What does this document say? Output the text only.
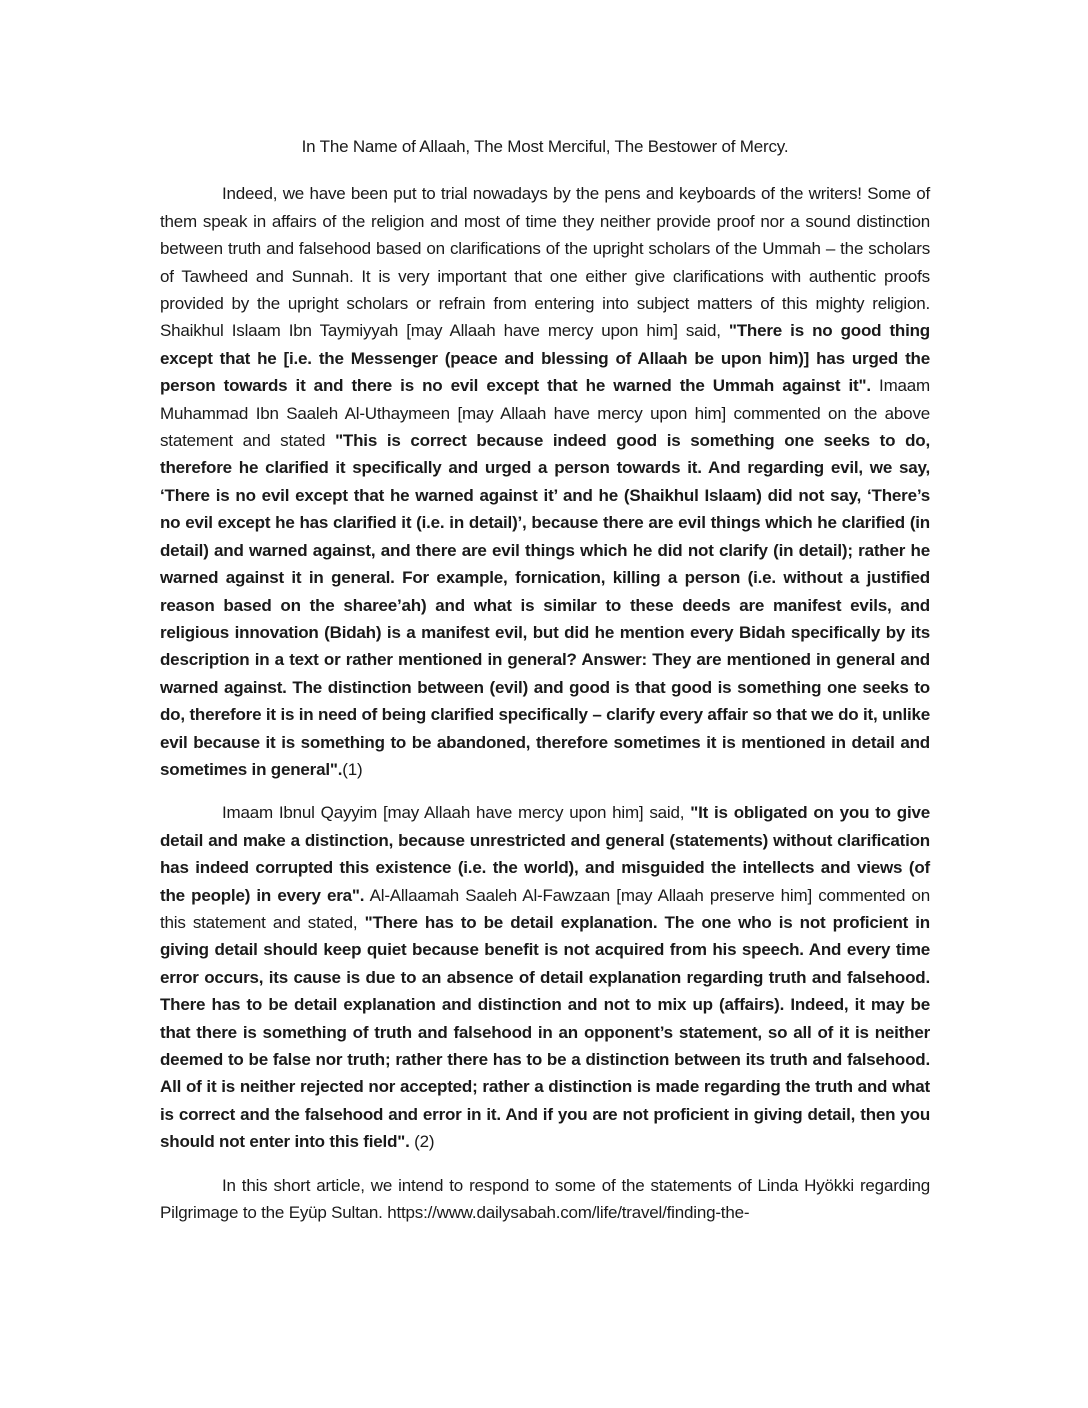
In The Name of Allaah, The Most Merciful, The Bestower of Mercy.

Indeed, we have been put to trial nowadays by the pens and keyboards of the writers! Some of them speak in affairs of the religion and most of time they neither provide proof nor a sound distinction between truth and falsehood based on clarifications of the upright scholars of the Ummah – the scholars of Tawheed and Sunnah. It is very important that one either give clarifications with authentic proofs provided by the upright scholars or refrain from entering into subject matters of this mighty religion. Shaikhul Islaam Ibn Taymiyyah [may Allaah have mercy upon him] said, "There is no good thing except that he [i.e. the Messenger (peace and blessing of Allaah be upon him)] has urged the person towards it and there is no evil except that he warned the Ummah against it". Imaam Muhammad Ibn Saaleh Al-Uthaymeen [may Allaah have mercy upon him] commented on the above statement and stated "This is correct because indeed good is something one seeks to do, therefore he clarified it specifically and urged a person towards it. And regarding evil, we say, ‘There is no evil except that he warned against it’ and he (Shaikhul Islaam) did not say, ‘There’s no evil except he has clarified it (i.e. in detail)’, because there are evil things which he clarified (in detail) and warned against, and there are evil things which he did not clarify (in detail); rather he warned against it in general. For example, fornication, killing a person (i.e. without a justified reason based on the sharee’ah) and what is similar to these deeds are manifest evils, and religious innovation (Bidah) is a manifest evil, but did he mention every Bidah specifically by its description in a text or rather mentioned in general? Answer: They are mentioned in general and warned against. The distinction between (evil) and good is that good is something one seeks to do, therefore it is in need of being clarified specifically – clarify every affair so that we do it, unlike evil because it is something to be abandoned, therefore sometimes it is mentioned in detail and sometimes in general".(1)

Imaam Ibnul Qayyim [may Allaah have mercy upon him] said, "It is obligated on you to give detail and make a distinction, because unrestricted and general (statements) without clarification has indeed corrupted this existence (i.e. the world), and misguided the intellects and views (of the people) in every era". Al-Allaamah Saaleh Al-Fawzaan [may Allaah preserve him] commented on this statement and stated, "There has to be detail explanation. The one who is not proficient in giving detail should keep quiet because benefit is not acquired from his speech. And every time error occurs, its cause is due to an absence of detail explanation regarding truth and falsehood. There has to be detail explanation and distinction and not to mix up (affairs). Indeed, it may be that there is something of truth and falsehood in an opponent’s statement, so all of it is neither deemed to be false nor truth; rather there has to be a distinction between its truth and falsehood. All of it is neither rejected nor accepted; rather a distinction is made regarding the truth and what is correct and the falsehood and error in it. And if you are not proficient in giving detail, then you should not enter into this field". (2)

In this short article, we intend to respond to some of the statements of Linda Hyökki regarding Pilgrimage to the Eyüp Sultan. https://www.dailysabah.com/life/travel/finding-the-
